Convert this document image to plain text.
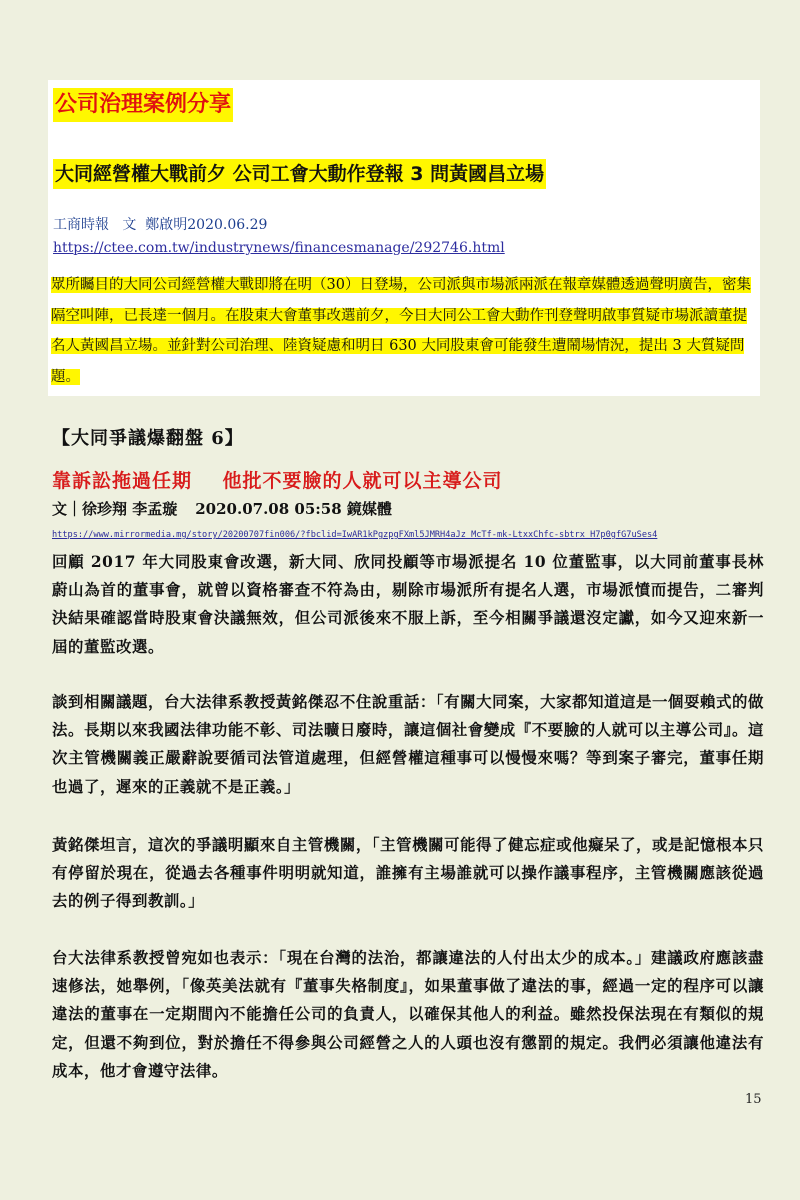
公司治理案例分享
大同經營權大戰前夕 公司工會大動作登報 3 問黃國昌立場
工商時報   文  鄭啟明2020.06.29
https://ctee.com.tw/industrynews/financesmanage/292746.html
眾所矚目的大同公司經營權大戰即將在明（30）日登場，公司派與市場派兩派在報章媒體透過聲明廣告，密集隔空叫陣，已長達一個月。在股東大會董事改選前夕，今日大同公工會大動作刊登聲明啟事質疑市場派讀董提名人黃國昌立場。並針對公司治理、陸資疑慮和明日 630 大同股東會可能發生遭鬧場情況，提出 3 大質疑問題。
【大同爭議爆翻盤 6】
靠訴訟拖過任期    他批不要臉的人就可以主導公司
文｜徐珍翔 李孟璇 2020.07.08 05:58 鏡媒體
https://www.mirrormedia.mg/story/20200707fin006/?fbclid=IwAR1kPgzpgFXml5JMRH4aJz_McTf-mk-LtxxChfc-sbtrx_H7p0gfG7uSes4
回顧 2017 年大同股東會改選，新大同、欣同投顧等市場派提名 10 位董監事，以大同前董事長林蔚山為首的董事會，就曾以資格審查不符為由，剔除市場派所有提名人選，市場派憤而提告，二審判決結果確認當時股東會決議無效，但公司派後來不服上訴，至今相關爭議還沒定讞，如今又迎來新一屆的董監改選。
談到相關議題，台大法律系教授黃銘傑忍不住說重話：「有關大同案，大家都知道這是一個耍賴式的做法。長期以來我國法律功能不彰、司法曠日廢時，讓這個社會變成『不要臉的人就可以主導公司』。這次主管機關義正嚴辭說要循司法管道處理，但經營權這種事可以慢慢來嗎？等到案子審完，董事任期也過了，遲來的正義就不是正義。」
黃銘傑坦言，這次的爭議明顯來自主管機關，「主管機關可能得了健忘症或他癡呆了，或是記憶根本只有停留於現在，從過去各種事件明明就知道，誰擁有主場誰就可以操作議事程序，主管機關應該從過去的例子得到教訓。」
台大法律系教授曾宛如也表示：「現在台灣的法治，都讓違法的人付出太少的成本。」建議政府應該盡速修法，她舉例，「像英美法就有『董事失格制度』，如果董事做了違法的事，經過一定的程序可以讓違法的董事在一定期間內不能擔任公司的負責人，以確保其他人的利益。雖然投保法現在有類似的規定，但還不夠到位，對於擔任不得參與公司經營之人的人頭也沒有懲罰的規定。我們必須讓他違法有成本，他才會遵守法律。
15
